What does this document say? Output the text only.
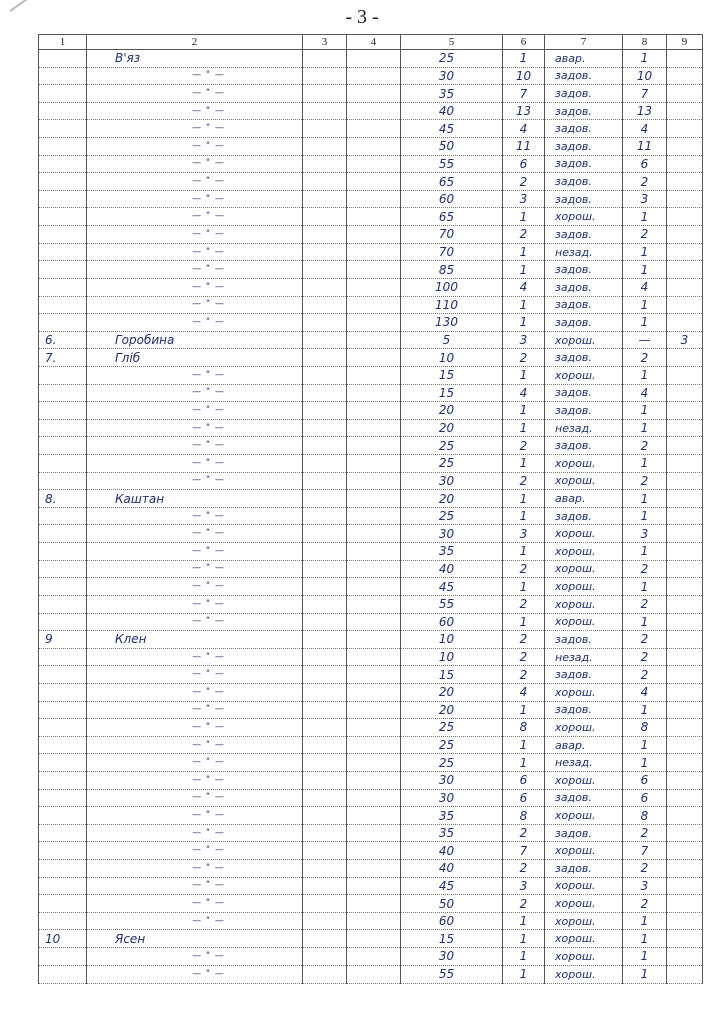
- 3 -
1	2	3	4	5	6	7	8	9
	В'яз			25	1	авар.	1	
	— " —			30	10	задов.	10	
	— " —			35	7	задов.	7	
	— " —			40	13	задов.	13	
	— " —			45	4	задов.	4	
	— " —			50	11	задов.	11	
	— " —			55	6	задов.	6	
	— " —			65	2	задов.	2	
	— " —			60	3	задов.	3	
	— " —			65	1	хорош.	1	
	— " —			70	2	задов.	2	
	— " —			70	1	незад.	1	
	— " —			85	1	задов.	1	
	— " —			100	4	задов.	4	
	— " —			110	1	задов.	1	
	— " —			130	1	задов.	1	
6.	Горобина			5	3	хорош.	—	3
7.	Гліб			10	2	задов.	2	
	— " —			15	1	хорош.	1	
	— " —			15	4	задов.	4	
	— " —			20	1	задов.	1	
	— " —			20	1	незад.	1	
	— " —			25	2	задов.	2	
	— " —			25	1	хорош.	1	
	— " —			30	2	хорош.	2	
8.	Каштан			20	1	авар.	1	
	— " —			25	1	задов.	1	
	— " —			30	3	хорош.	3	
	— " —			35	1	хорош.	1	
	— " —			40	2	хорош.	2	
	— " —			45	1	хорош.	1	
	— " —			55	2	хорош.	2	
	— " —			60	1	хорош.	1	
9	Клен			10	2	задов.	2	
	— " —			10	2	незад.	2	
	— " —			15	2	задов.	2	
	— " —			20	4	хорош.	4	
	— " —			20	1	задов.	1	
	— " —			25	8	хорош.	8	
	— " —			25	1	авар.	1	
	— " —			25	1	незад.	1	
	— " —			30	6	хорош.	6	
	— " —			30	6	задов.	6	
	— " —			35	8	хорош.	8	
	— " —			35	2	задов.	2	
	— " —			40	7	хорош.	7	
	— " —			40	2	задов.	2	
	— " —			45	3	хорош.	3	
	— " —			50	2	хорош.	2	
	— " —			60	1	хорош.	1	
10	Ясен			15	1	хорош.	1	
	— " —			30	1	хорош.	1	
	— " —			55	1	хорош.	1	
